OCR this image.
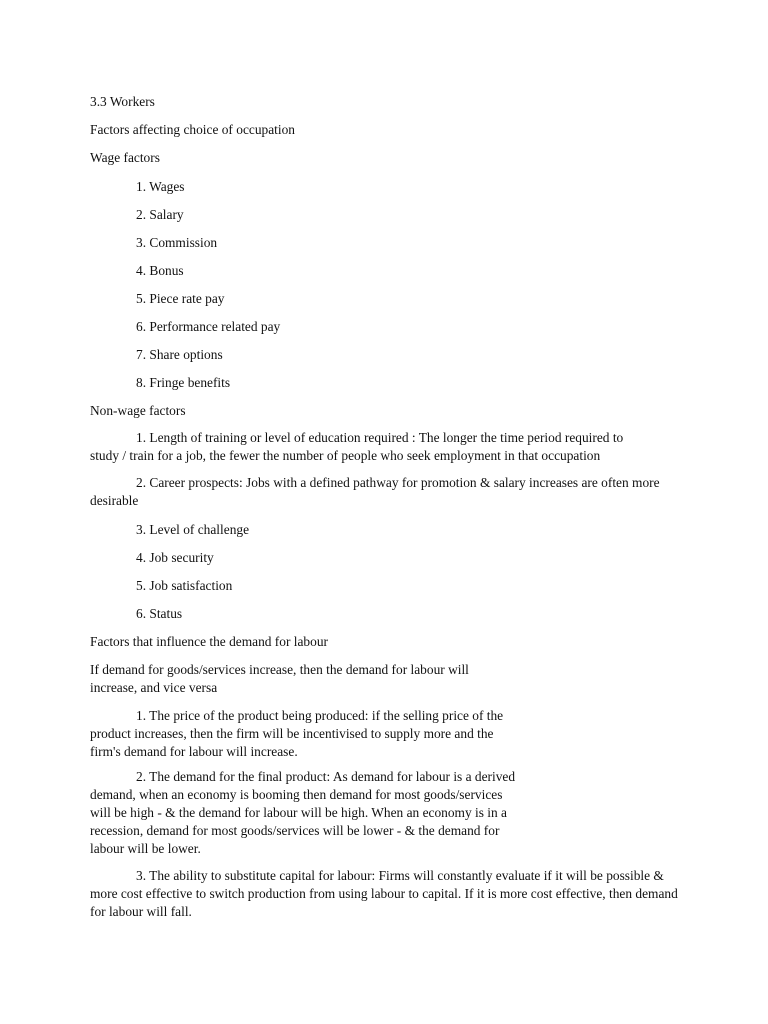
3.3 Workers
Factors affecting choice of occupation
Wage factors
1. Wages
2. Salary
3. Commission
4. Bonus
5. Piece rate pay
6. Performance related pay
7. Share options
8. Fringe benefits
Non-wage factors
1. Length of training or level of education required : The longer the time period required to study / train for a job, the fewer the number of people who seek employment in that occupation
2. Career prospects: Jobs with a defined pathway for promotion & salary increases are often more desirable
3. Level of challenge
4. Job security
5. Job satisfaction
6. Status
Factors that influence the demand for labour
If demand for goods/services increase, then the demand for labour will increase, and vice versa
1. The price of the product being produced: if the selling price of the product increases, then the firm will be incentivised to supply more and the firm's demand for labour will increase.
2. The demand for the final product: As demand for labour is a derived demand, when an economy is booming then demand for most goods/services will be high - & the demand for labour will be high. When an economy is in a recession, demand for most goods/services will be lower - & the demand for labour will be lower.
3. The ability to substitute capital for labour: Firms will constantly evaluate if it will be possible & more cost effective to switch production from using labour to capital. If it is more cost effective, then demand for labour will fall.
